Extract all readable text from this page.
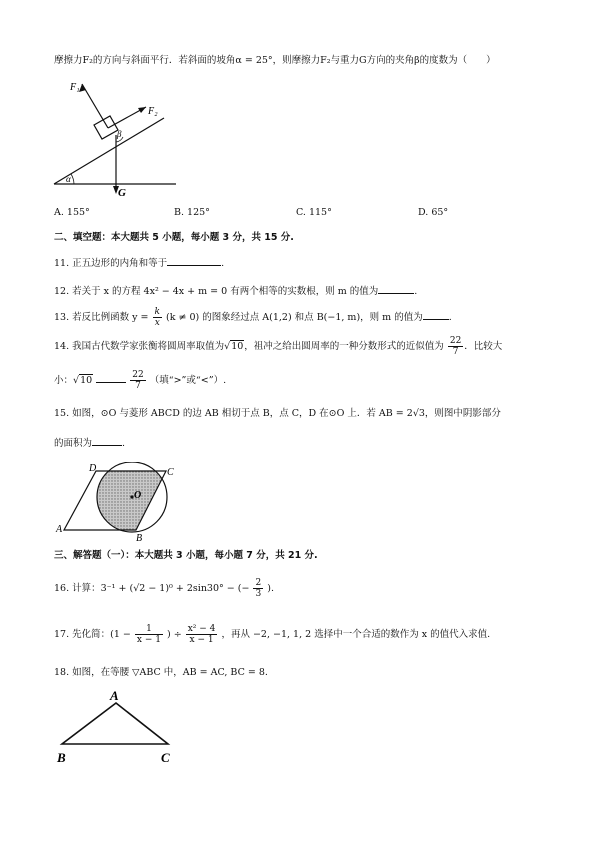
摩擦力F₂的方向与斜面平行．若斜面的坡角α = 25°，则摩擦力F₂与重力G方向的夹角β的度数为（　　）
F₁
F₂
β
α
G
A. 155°	B. 125°	C. 115°	D. 65°
二、填空题：本大题共 5 小题，每小题 3 分，共 15 分.
11. 正五边形的内角和等于	.
12. 若关于 x 的方程 4x² − 4x + m = 0 有两个相等的实数根，则 m 的值为	.
13. 若反比例函数 $y = \frac{k}{x} (k \ne 0)$ 的图象经过点 A(1,2) 和点 B(−1, m)，则 m 的值为	.
14. 我国古代数学家张衡将圆周率取值为√10，祖冲之给出圆周率的一种分数形式的近似值为 $\frac{22}{7}$ ．比较大
小：√10	$\frac{22}{7}$ （填“>”或“<”）.
15. 如图，⊙O 与菱形 ABCD 的边 AB 相切于点 B，点 C，D 在⊙O 上．若 AB = 2√3，则图中阴影部分
的面积为	.
D	C
O
A
B
三、解答题（一）：本大题共 3 小题，每小题 7 分，共 21 分.
16. 计算：3⁻¹ + (√2 − 1)⁰ + 2sin30° − (− $\frac{2}{3}$ ).
17. 先化简：($1 - \frac{1}{x - 1}$ ) ÷ $\frac{\text{x² − 4}}{x - 1}$ ，再从 −2, −1, 1, 2 选择中一个合适的数作为 x 的值代入求值.
18. 如图，在等腰 ▽ABC 中，AB = AC, BC = 8.
A
B	C
